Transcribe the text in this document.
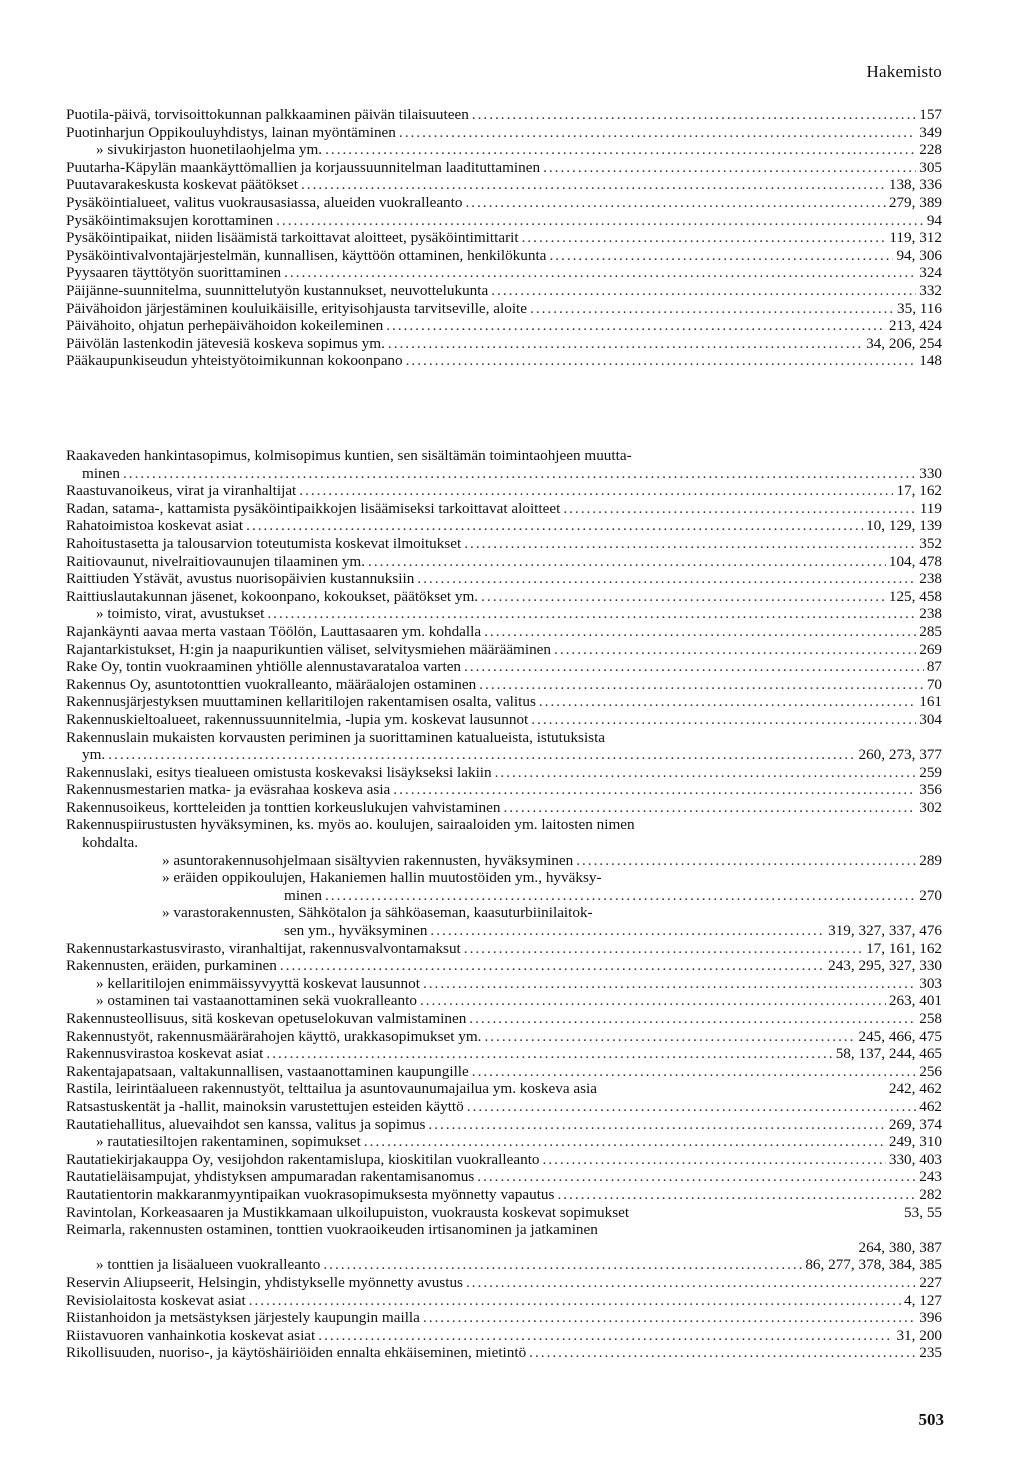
Hakemisto
Puotila-päivä, torvisoittokunnan palkkaaminen päivän tilaisuuteen .....	157
Puotinharjun Oppikouluyhdistys, lainan myöntäminen .....	349
» sivukirjaston huonetilaohjelma ym. .....	228
Puutarha-Käpylän maankäyttömallien ja korjaussuunnitelman laadituttaminen .....	305
Puutavarakeskusta koskevat päätökset .....	138, 336
Pysäköintialueet, valitus vuokrausasiassa, alueiden vuokralleanto .....	279, 389
Pysäköintimaksujen korottaminen .....	94
Pysäköintipaikat, niiden lisäämistä tarkoittavat aloitteet, pysäköintimittarit .....	119, 312
Pysäköintivalvontajärjestelmän, kunnallisen, käyttöön ottaminen, henkilökunta .....	94, 306
Pyysaaren täyttötyön suorittaminen .....	324
Päijänne-suunnitelma, suunnittelutyön kustannukset, neuvottelukunta .....	332
Päivähoidon järjestäminen kouluikäisille, erityisohjausta tarvitseville, aloite .....	35, 116
Päivähoito, ohjatun perhepäivähoidon kokeileminen .....	213, 424
Päivölän lastenkodin jätevesiä koskeva sopimus ym. .....	34, 206, 254
Pääkaupunkiseudun yhteistyötoimikunnan kokoonpano .....	148
Raakaveden hankintasopimus, kolmisopimus kuntien, sen sisältämän toimintaohjeen muutta-
minen .....	330
Raastuvanoikeus, virat ja viranhaltijat .....	17, 162
Radan, satama-, kattamista pysäköintipaikkojen lisäämiseksi tarkoittavat aloitteet .....	119
Rahatoimistoa koskevat asiat .....	10, 129, 139
Rahoitustasetta ja talousarvion toteutumista koskevat ilmoitukset .....	352
Raitiovaunut, nivelraitiovaunujen tilaaminen ym. .....	104, 478
Raittiuden Ystävät, avustus nuorisopäivien kustannuksiin .....	238
Raittiuslautakunnan jäsenet, kokoonpano, kokoukset, päätökset ym. .....	125, 458
» toimisto, virat, avustukset .....	238
Rajankäynti aavaa merta vastaan Töölön, Lauttasaaren ym. kohdalla .....	285
Rajantarkistukset, H:gin ja naapurikuntien väliset, selvitysmiehen määrääminen .....	269
Rake Oy, tontin vuokraaminen yhtiölle alennustavarataloa varten .....	87
Rakennus Oy, asuntotonttien vuokralleanto, määräalojen ostaminen .....	70
Rakennusjärjestyksen muuttaminen kellaritilojen rakentamisen osalta, valitus .....	161
Rakennuskieltoalueet, rakennussuunnitelmia, -lupia ym. koskevat lausunnot .....	304
Rakennuslain mukaisten korvausten periminen ja suorittaminen katualueista, istutuksista
ym. .....	260, 273, 377
Rakennuslaki, esitys tiealueen omistusta koskevaksi lisäykseksi lakiin .....	259
Rakennusmestarien matka- ja eväsrahaa koskeva asia .....	356
Rakennusoikeus, kortteleiden ja tonttien korkeuslukujen vahvistaminen .....	302
Rakennuspiirustusten hyväksyminen, ks. myös ao. koulujen, sairaaloiden ym. laitosten nimen
kohdalta.
» asuntorakennusohjelmaan sisältyvien rakennusten, hyväksyminen .....	289
» eräiden oppikoulujen, Hakaniemen hallin muutostöiden ym., hyväksy-
minen .....	270
» varastorakennusten, Sähkötalon ja sähköaseman, kaasuturbiinilaitok-
sen ym., hyväksyminen .....	319, 327, 337, 476
Rakennustarkastusvirasto, viranhaltijat, rakennusvalvontamaksut .....	17, 161, 162
Rakennusten, eräiden, purkaminen .....	243, 295, 327, 330
» kellaritilojen enimmäissyvyyttä koskevat lausunnot .....	303
» ostaminen tai vastaanottaminen sekä vuokralleanto .....	263, 401
Rakennusteollisuus, sitä koskevan opetuselokuvan valmistaminen .....	258
Rakennustyöt, rakennusmäärärahojen käyttö, urakkasopimukset ym. .....	245, 466, 475
Rakennusvirastoa koskevat asiat .....	58, 137, 244, 465
Rakentajapatsaan, valtakunnallisen, vastaanottaminen kaupungille .....	256
Rastila, leirintäalueen rakennustyöt, telttailua ja asuntovaunumajailua ym. koskeva asia	242, 462
Ratsastuskentät ja -hallit, mainoksin varustettujen esteiden käyttö .....	462
Rautatiehallitus, aluevaihdot sen kanssa, valitus ja sopimus .....	269, 374
» rautatiesiltojen rakentaminen, sopimukset .....	249, 310
Rautatiekirjakauppa Oy, vesijohdon rakentamislupa, kioskitilan vuokralleanto .....	330, 403
Rautatieläisampujat, yhdistyksen ampumaradan rakentamisanomus .....	243
Rautatientorin makkaranmyyntipaikan vuokrasopimuksesta myönnetty vapautus .....	282
Ravintolan, Korkeasaaren ja Mustikkamaan ulkoilupuiston, vuokrausta koskevat sopimukset	53, 55
Reimarla, rakennusten ostaminen, tonttien vuokraoikeuden irtisanominen ja jatkaminen
264, 380, 387
» tonttien ja lisäalueen vuokralleanto .....	86, 277, 378, 384, 385
Reservin Aliupseerit, Helsingin, yhdistykselle myönnetty avustus .....	227
Revisiolaitosta koskevat asiat .....	4, 127
Riistanhoidon ja metsästyksen järjestely kaupungin mailla .....	396
Riistavuoren vanhainkotia koskevat asiat .....	31, 200
Rikollisuuden, nuoriso-, ja käytöshäiriöiden ennalta ehkäiseminen, mietintö .....	235
503
